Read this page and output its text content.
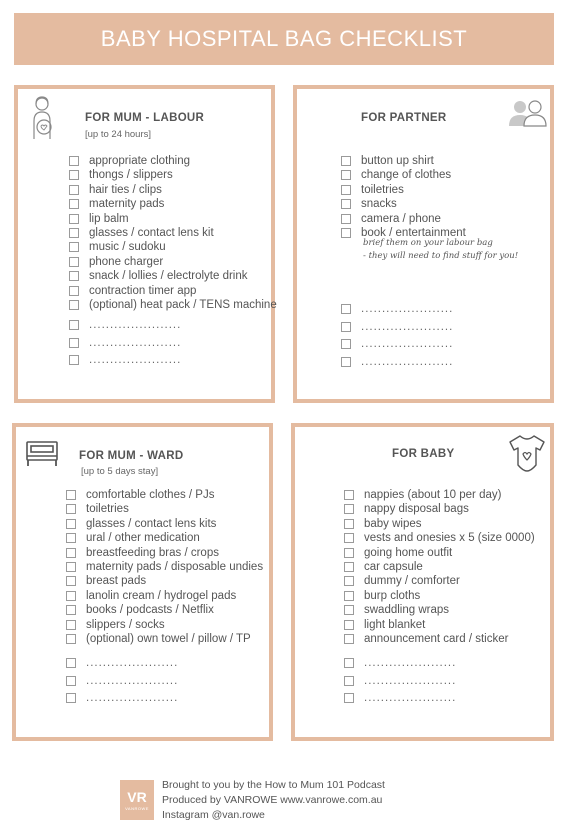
BABY HOSPITAL BAG CHECKLIST
FOR MUM - LABOUR
[up to 24 hours]
appropriate clothing
thongs / slippers
hair ties / clips
maternity pads
lip balm
glasses / contact lens kit
music / sudoku
phone charger
snack / lollies / electrolyte drink
contraction timer app
(optional) heat pack / TENS machine
......................
......................
......................
FOR PARTNER
brief them on your labour bag
- they will need to find stuff for you!
button up shirt
change of clothes
toiletries
snacks
camera / phone
book / entertainment
......................
......................
......................
......................
FOR MUM - WARD
[up to 5 days stay]
comfortable clothes / PJs
toiletries
glasses / contact lens kits
ural / other medication
breastfeeding bras / crops
maternity pads / disposable undies
breast pads
lanolin cream / hydrogel pads
books / podcasts / Netflix
slippers / socks
(optional) own towel / pillow / TP
......................
......................
......................
FOR BABY
nappies (about 10 per day)
nappy disposal bags
baby wipes
vests and onesies x 5 (size 0000)
going home outfit
car capsule
dummy / comforter
burp cloths
swaddling wraps
light blanket
announcement card / sticker
......................
......................
......................
VR
VANROWE
Brought to you by the How to Mum 101 Podcast
Produced by VANROWE www.vanrowe.com.au
Instagram @van.rowe
